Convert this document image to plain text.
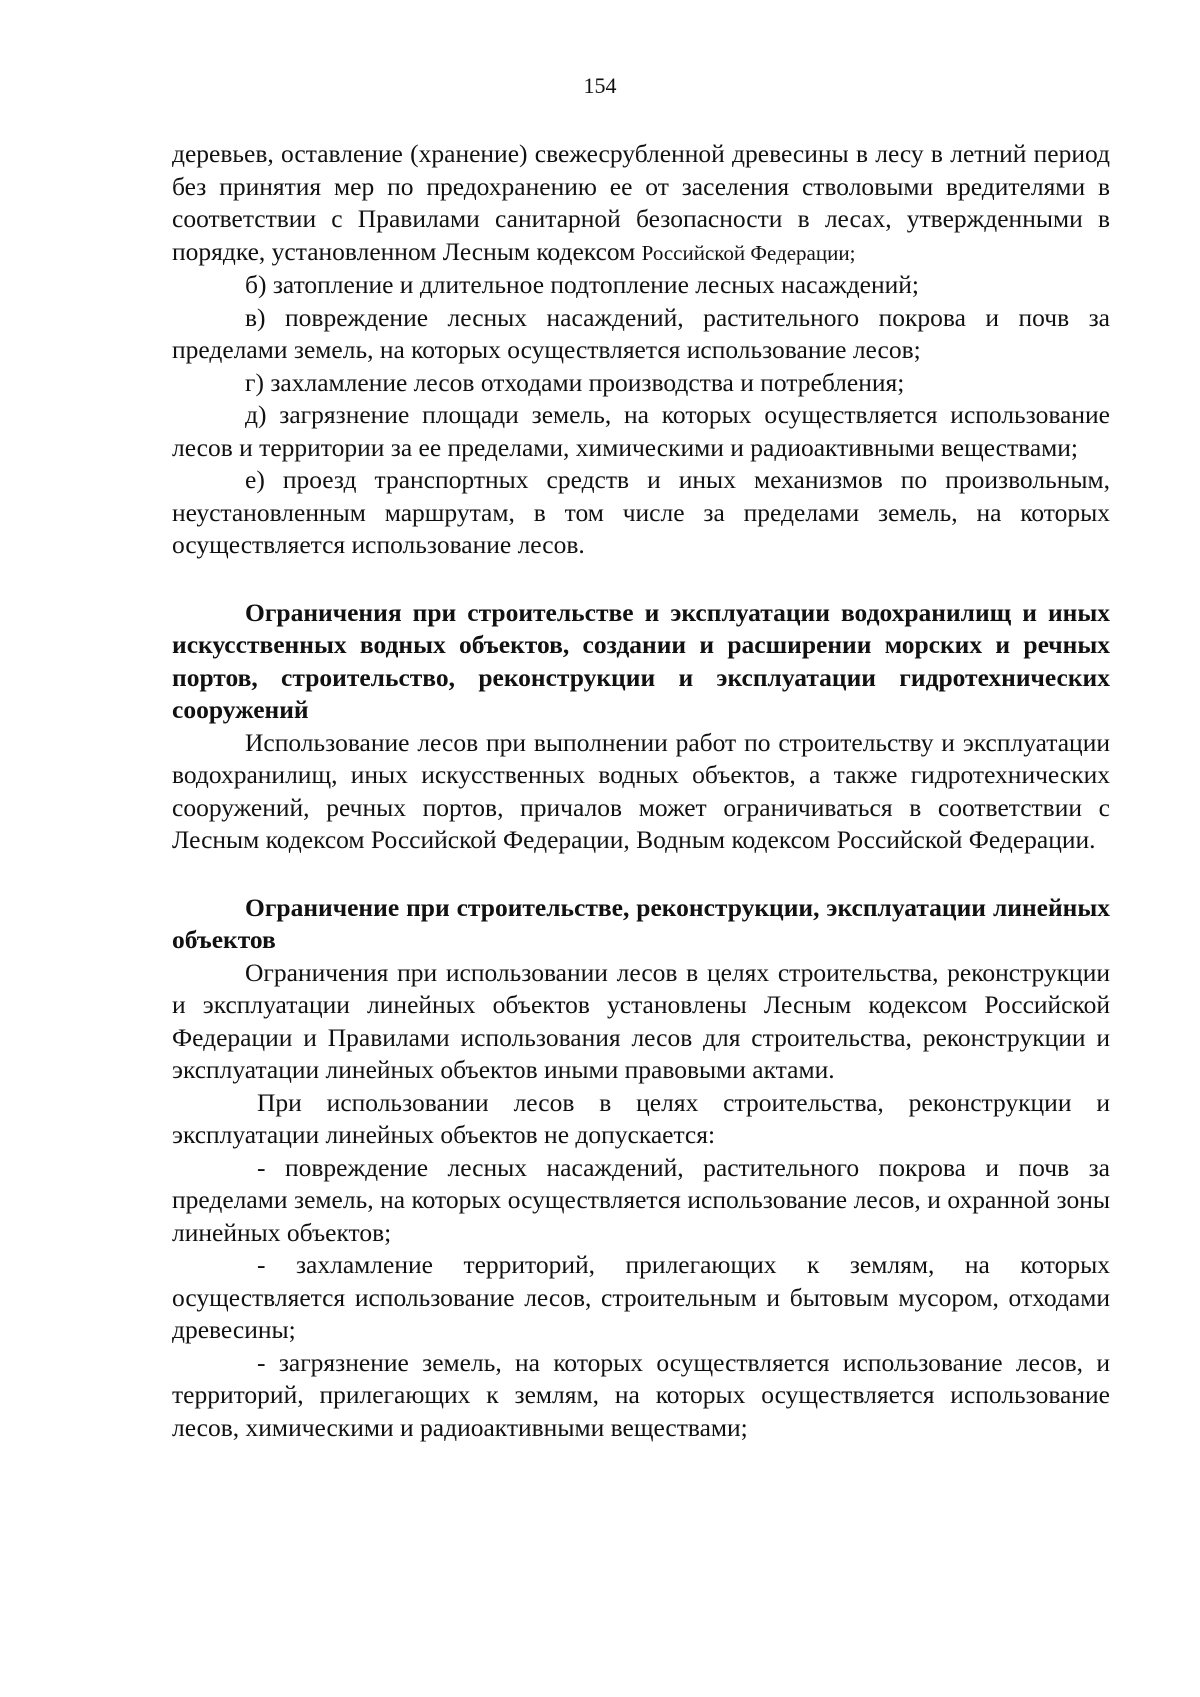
154

деревьев, оставление (хранение) свежесрубленной древесины в лесу в летний период без принятия мер по предохранению ее от заселения стволовыми вредителями в соответствии с Правилами санитарной безопасности в лесах, утвержденными в порядке, установленном Лесным кодексом Российской Федерации;

б) затопление и длительное подтопление лесных насаждений;

в) повреждение лесных насаждений, растительного покрова и почв за пределами земель, на которых осуществляется использование лесов;

г) захламление лесов отходами производства и потребления;

д) загрязнение площади земель, на которых осуществляется использование лесов и территории за ее пределами, химическими и радиоактивными веществами;

е) проезд транспортных средств и иных механизмов по произвольным, неустановленным маршрутам, в том числе за пределами земель, на которых осуществляется использование лесов.

Ограничения при строительстве и эксплуатации водохранилищ и иных искусственных водных объектов, создании и расширении морских и речных портов, строительство, реконструкции и эксплуатации гидротехнических сооружений

Использование лесов при выполнении работ по строительству и эксплуатации водохранилищ, иных искусственных водных объектов, а также гидротехнических сооружений, речных портов, причалов может ограничиваться в соответствии с Лесным кодексом Российской Федерации, Водным кодексом Российской Федерации.

Ограничение при строительстве, реконструкции, эксплуатации линейных объектов

Ограничения при использовании лесов в целях строительства, реконструкции и эксплуатации линейных объектов установлены Лесным кодексом Российской Федерации и Правилами использования лесов для строительства, реконструкции и эксплуатации линейных объектов иными правовыми актами.

При использовании лесов в целях строительства, реконструкции и эксплуатации линейных объектов не допускается:

- повреждение лесных насаждений, растительного покрова и почв за пределами земель, на которых осуществляется использование лесов, и охранной зоны линейных объектов;

- захламление территорий, прилегающих к землям, на которых осуществляется использование лесов, строительным и бытовым мусором, отходами древесины;

- загрязнение земель, на которых осуществляется использование лесов, и территорий, прилегающих к землям, на которых осуществляется использование лесов, химическими и радиоактивными веществами;
